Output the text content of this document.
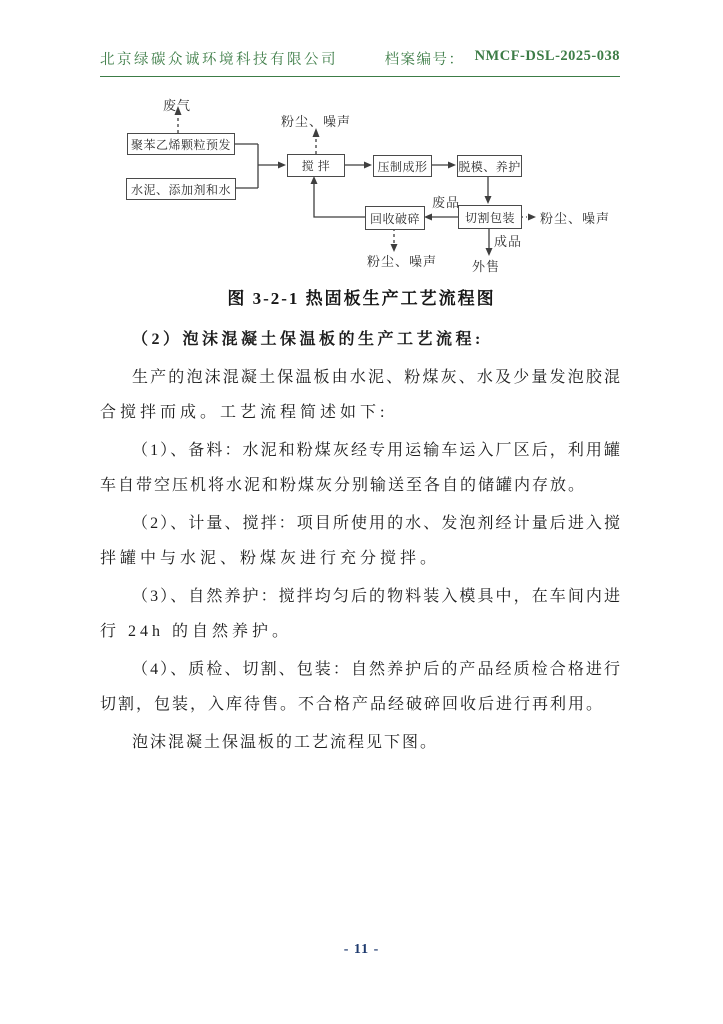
北京绿碳众诚环境科技有限公司	档案编号： NMCF-DSL-2025-038
聚苯乙烯颗粒预发
水泥、添加剂和水
搅 拌	压制成形	脱模、养护
切割包装
回收破碎
废气
粉尘、噪声
废品
粉尘、噪声
成品
外售
粉尘、噪声
图 3-2-1 热固板生产工艺流程图
（2）泡沫混凝土保温板的生产工艺流程:
生产的泡沫混凝土保温板由水泥、粉煤灰、水及少量发泡胶混
合搅拌而成。工艺流程简述如下:
（1）、备料：水泥和粉煤灰经专用运输车运入厂区后，利用罐
车自带空压机将水泥和粉煤灰分别输送至各自的储罐内存放。
（2）、计量、搅拌：项目所使用的水、发泡剂经计量后进入搅
拌罐中与水泥、粉煤灰进行充分搅拌。
（3）、自然养护：搅拌均匀后的物料装入模具中，在车间内进
行 24h 的自然养护。
（4）、质检、切割、包装：自然养护后的产品经质检合格进行
切割，包装，入库待售。不合格产品经破碎回收后进行再利用。
泡沫混凝土保温板的工艺流程见下图。
- 11 -
